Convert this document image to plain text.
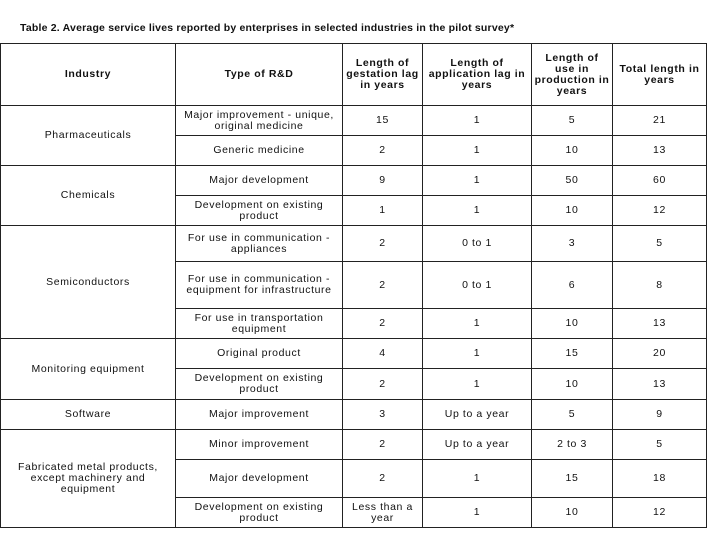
Table 2. Average service lives reported by enterprises in selected industries in the pilot survey*
Industry	Type of R&D	Length of gestation lag in years	Length of application lag in years	Length of use in production in years	Total length in years
Pharmaceuticals	Major improvement - unique, original medicine	15	1	5	21
	Generic medicine	2	1	10	13
Chemicals	Major development	9	1	50	60
	Development on existing product	1	1	10	12
Semiconductors	For use in communication - appliances	2	0 to 1	3	5
	For use in communication - equipment for infrastructure	2	0 to 1	6	8
	For use in transportation equipment	2	1	10	13
Monitoring equipment	Original product	4	1	15	20
	Development on existing product	2	1	10	13
Software	Major improvement	3	Up to a year	5	9
Fabricated metal products, except machinery and equipment	Minor improvement	2	Up to a year	2 to 3	5
	Major development	2	1	15	18
	Development on existing product	Less than a year	1	10	12
